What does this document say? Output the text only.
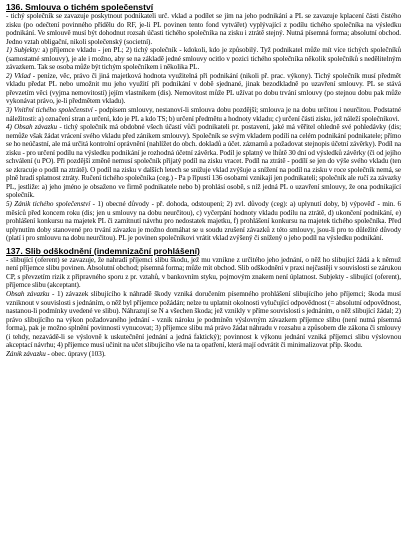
136. Smlouva o tichém společenství

- tichý společník se zavazuje poskytnout podnikateli urč. vklad a podílet se jím na jeho podnikání a PL se zavazuje kplacení části čistého zisku (po odečtení povinného přídělu do RF, je-li PL povinen tento fond vytvářet) vyplývající z podílu tichého společníka na výsledku podnikání. Ve smlouvě musí být dohodnut rozsah účasti tichého společníka na zisku i ztrátě stejný. Nutná písemná forma; absolutní obchod. Jedno vztah obligační, nikoli společenský (societní).

1) Subjekty: a) příjemce vkladu - jen PL; 2) tichý společník - kdokoli, kdo je způsobilý. Tyž podnikatel může mít více tichých společníků (samostatné smlouvy), je ale i možno, aby se na základě jedné smlouvy ocitlo v pozici tichého společníka několik společníků s nedělitelným závazkem. Tak se osoba může být tichým společníkem i několika PL.

2) Vklad - peníze, věc, právo či jiná majetková hodnota využitelná při podnikání (nikoli př. prac. výkony). Tichý společník musí předmět vkladu předat PL nebo umožnit mu jeho využití při podnikání v době sjednané, jinak bezodkladně po uzavření smlouvy. PL se stává převzetím věci (vyjma nemovitostí) jejím vlastníkem (dis). Nemovitost může PL užívat po dobu trvání smlouvy (po stejnou dobu pak může vykonávat právo, je-li předmětem vkladu).

3) Vnitřní tichého společenství - podpisem smlouvy, nestanoví-li smlouva dobu pozdější; smlouva je na dobu určitou i neurčitou. Podstatné náležitosti: a) označení stran a určení, kdo je PL a kdo TS; b) určení předmětu a hodnoty vkladu; c) určení části zisku, jež náleží společníkovi.

4) Obsah závazku - tichý společník má obdobné všech účastí vůči podnikateli pr. postavení, jaké má věřitel ohledně své pohledávky (dis; nemůže však žádat vrácení svého vkladu před zánikem smlouvy). Společník se svým vkladem podílí na celém podnikání podnikatele; přímo se ho neúčastní, ale má určitá kontrolní oprávnění (nahlížet do obch. dokladů a účet. záznamů a požadovat stejnopis účetní závěrky). Podíl na zisku - pro určení podílu na výsledku podnikání je rozhodná účetní závěrka. Podíl je splatný ve lhůtě 30 dní od výsledků závěrky (či od jejího schválení (u PO). Při pozdější změně nemusí společník přijatý podíl na zisku vracet. Podíl na ztrátě - podílí se jen do výše svého vkladu (ten se zkracuje o podíl na ztrátě). O podíl na zisku v dalších letech se snižuje vklad zvýšuje a snížení na podíl na zisku v roce společník nemá, se plně hradí splatnost ztráty. Ručení tichého společníka (ceg.) - Pa p řípustí 136 osobami vznikají jen podnikateli; společník ale ručí za závazky PL, jestliže: a) jeho jméno je obsaženo ve firmě podnikatele nebo b) prohlásí osobě, s níž jedná PL o uzavření smlouvy, že ona podnikající společník.

5) Zánik tichého společenství - 1) obecné důvody - př. dohoda, odstoupení; 2) zvl. důvody (ceg): a) uplynutí doby, b) výpověď - min. 6 měsíců před koncem roku (dis; jen u smlouvy na dobu neurčitou), c) vyčerpání hodnoty vkladu podílu na ztrátě, d) ukončení podnikání, e) prohlášení konkursu na majetek PL či zamítnutí návrhu pro nedostatek majetku, f) prohlášení konkursu na majetek tichého společníka. Před uplynutím doby stanovené pro trvání závazku je možno domáhat se u soudu zrušení závazků z této smlouvy, jsou-li pro to důležité důvody (platí i pro smlouvu na dobu neurčitou). PL je povinen společníkovi vrátit vklad zvýšený či snížený o jeho podíl na výsledku podnikání.

137. Slib odškodnění (indemnizační prohlášení)

- slibující (oferent) se zavazuje, že nahradí příjemci slibu škodu, jež mu vznikne z určitého jeho jednání, o něž ho slibující žádá a k němuž není příjemce slibu povinen. Absolutní obchod; písemná forma; může mít obchod. Slib odškodnění v praxi nejčastěji v souvislosti se zárukou CP, s převzetím rizik z připravného sporu z pr. vztahů, v bankovním styku, pojmovým znakem není úplatnost. Subjekty - slibující (oferent), příjemce slibu (akceptant).

Obsah závazku - 1) závazek slibujícího k náhradě škody vzniká doručením písemného prohlášení slibujícího jeho příjemci; škoda musí vzniknout v souvislosti s jednáním, o něž byl příjemce požádán; nelze tu uplatnit okolnosti vylučující odpovědnost (= absolutní odpovědnost, nastanou-li podmínky uvedené ve slibu). Náhrazují se N a všechen škoda; jež vznikly v příme souvislosti s jednáním, o něž slibující žádal; 2) právo slibujícího na výkon požadovaného jednání - vznik nároku je podmíněn výslovným závazkem příjemce slibu (není nutná písemná forma), pak je možno splnění povinnosti vynucovat; 3) příjemce slibu má právo žádat náhradu v rozsahu a způsobem dle zákona či smlouvy (i tehdy, nezavádě-li se výslovně k uskutečnění jednání a jedná faktický); povinnost k výkonu jednání vzniká příjemci slibu výslovnou akceptací návrhu; 4) příjemce musí učinit na učet slibujícího vše na ta opatření, která mají odvrátit či minimalizovat příp. škodu.

Zánik závazku - obec. úpravy (103).
